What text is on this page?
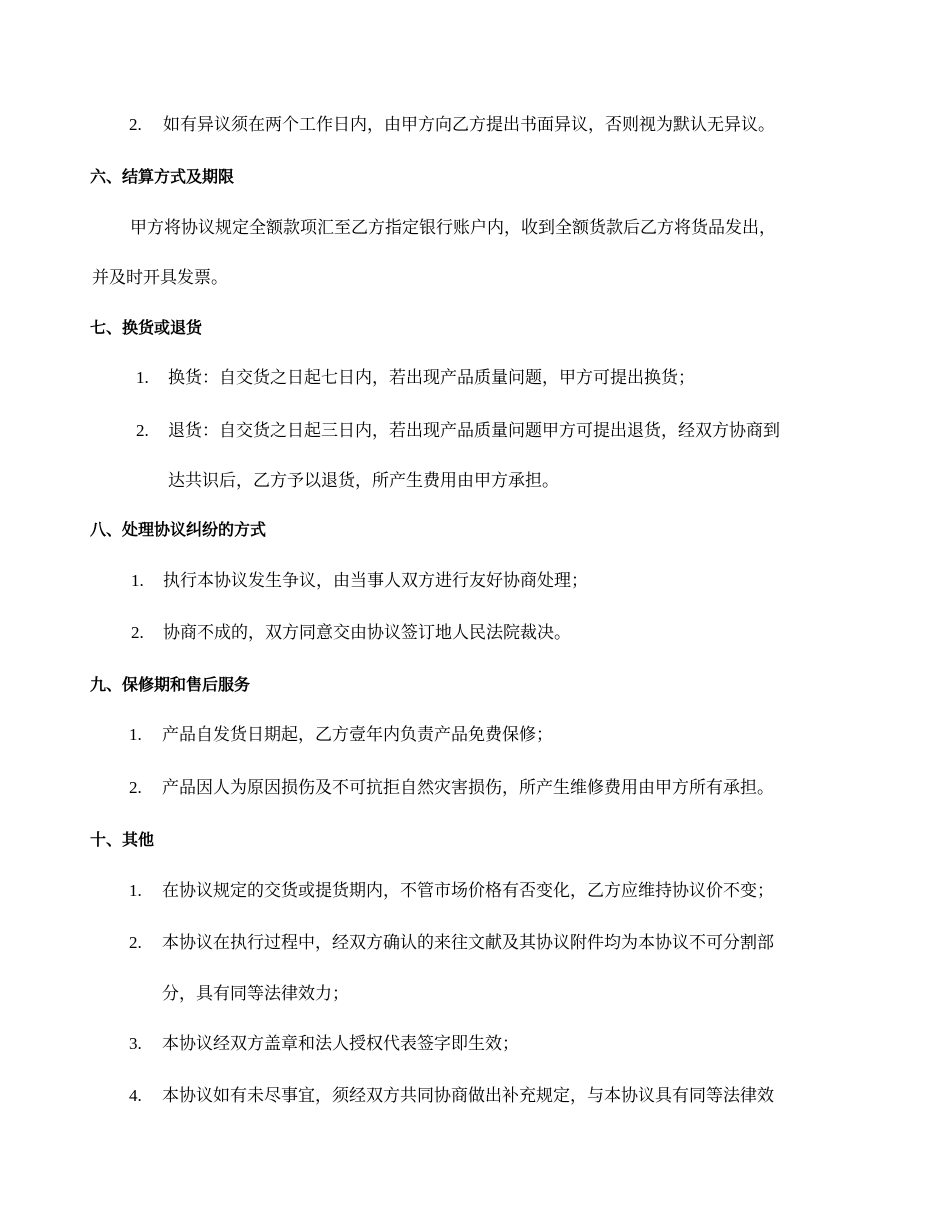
2. 如有异议须在两个工作日内，由甲方向乙方提出书面异议，否则视为默认无异议。
六、结算方式及期限
甲方将协议规定全额款项汇至乙方指定银行账户内，收到全额货款后乙方将货品发出，
并及时开具发票。
七、换货或退货
1. 换货：自交货之日起七日内，若出现产品质量问题，甲方可提出换货；
2. 退货：自交货之日起三日内，若出现产品质量问题甲方可提出退货，经双方协商到
达共识后，乙方予以退货，所产生费用由甲方承担。
八、处理协议纠纷的方式
1. 执行本协议发生争议，由当事人双方进行友好协商处理；
2. 协商不成的，双方同意交由协议签订地人民法院裁决。
九、保修期和售后服务
1. 产品自发货日期起，乙方壹年内负责产品免费保修；
2. 产品因人为原因损伤及不可抗拒自然灾害损伤，所产生维修费用由甲方所有承担。
十、其他
1. 在协议规定的交货或提货期内，不管市场价格有否变化，乙方应维持协议价不变；
2. 本协议在执行过程中，经双方确认的来往文献及其协议附件均为本协议不可分割部
分，具有同等法律效力；
3. 本协议经双方盖章和法人授权代表签字即生效；
4. 本协议如有未尽事宜，须经双方共同协商做出补充规定，与本协议具有同等法律效
